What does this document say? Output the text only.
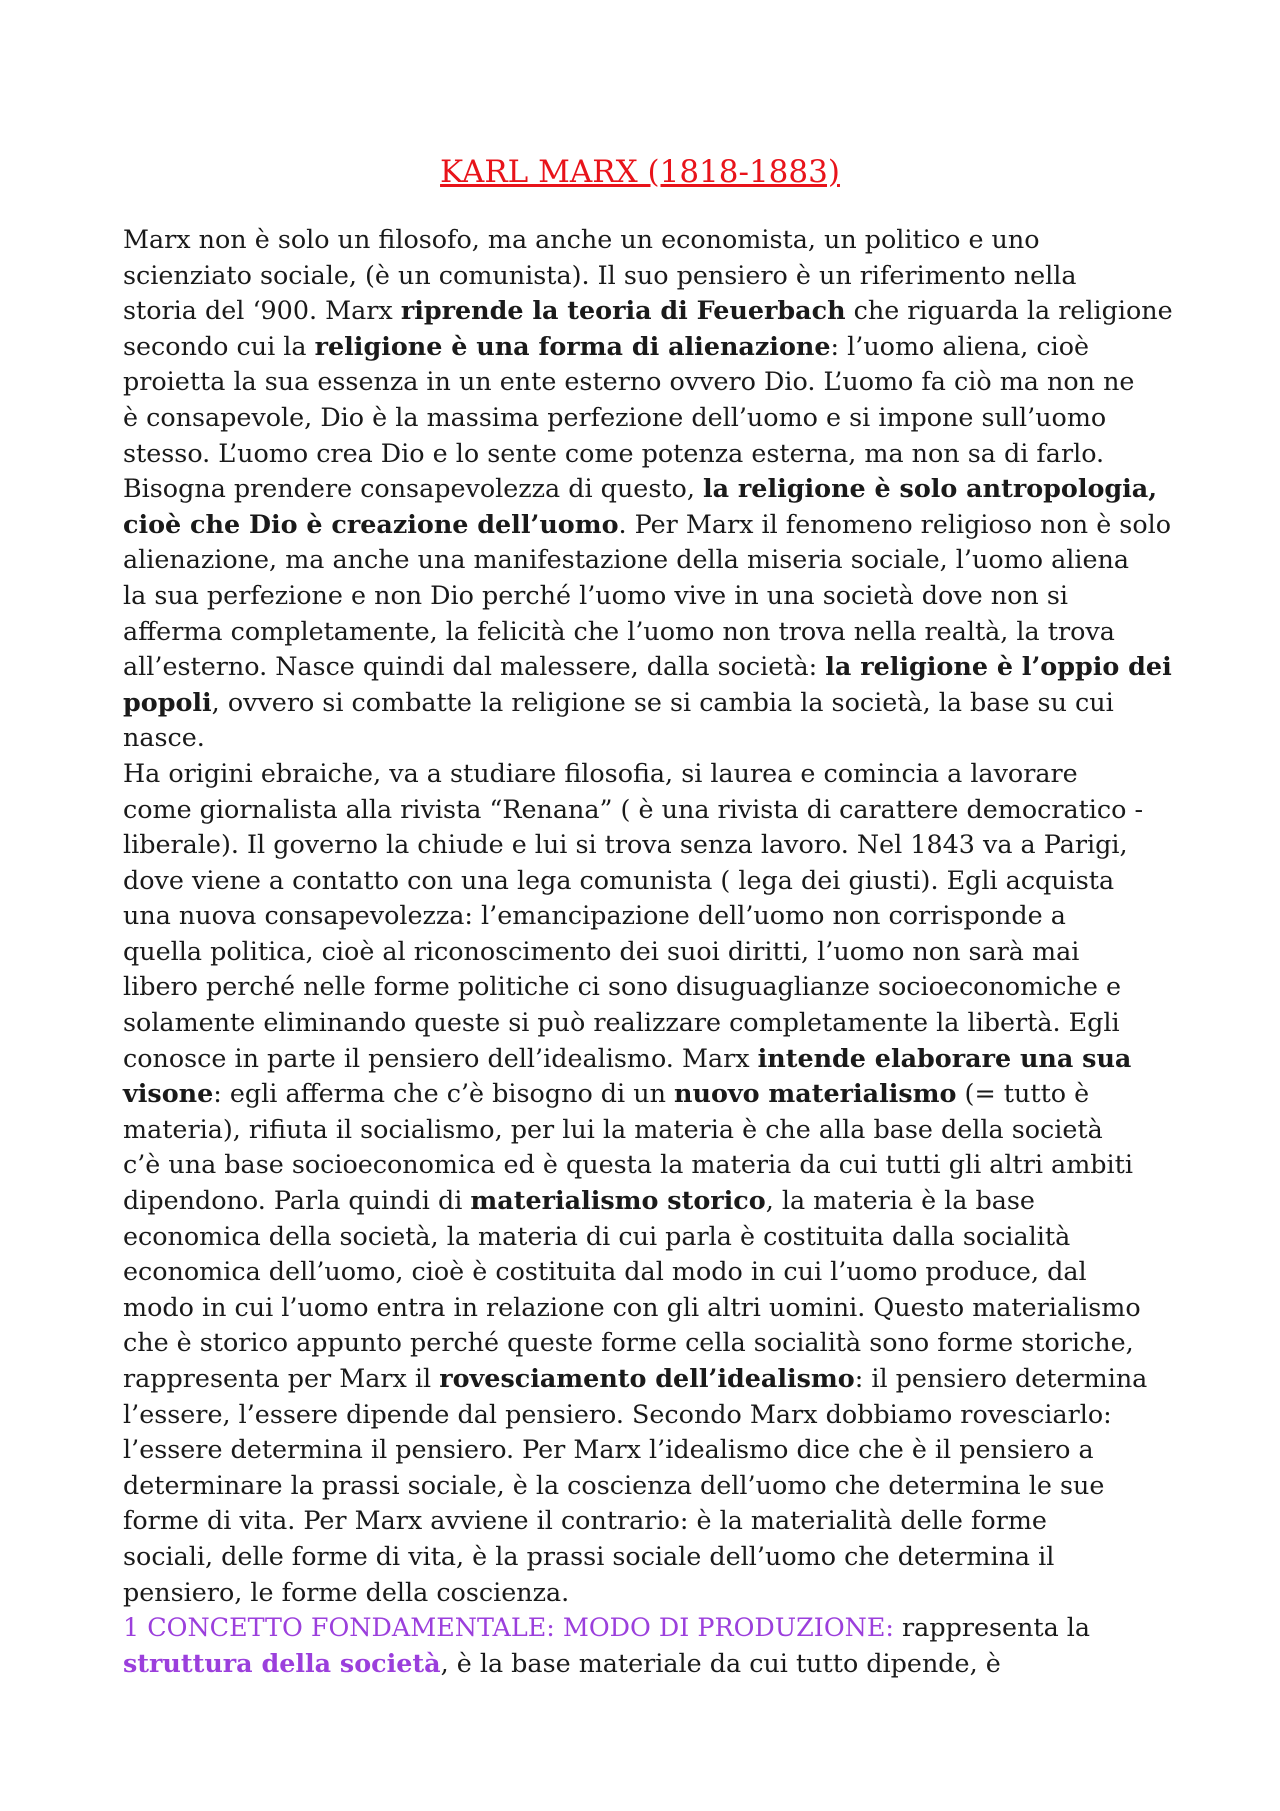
KARL MARX (1818-1883)
Marx non è solo un filosofo, ma anche un economista, un politico e uno
scienziato sociale, (è un comunista). Il suo pensiero è un riferimento nella
storia del ‘900. Marx riprende la teoria di Feuerbach che riguarda la religione
secondo cui la religione è una forma di alienazione: l’uomo aliena, cioè
proietta la sua essenza in un ente esterno ovvero Dio. L’uomo fa ciò ma non ne
è consapevole, Dio è la massima perfezione dell’uomo e si impone sull’uomo
stesso. L’uomo crea Dio e lo sente come potenza esterna, ma non sa di farlo.
Bisogna prendere consapevolezza di questo, la religione è solo antropologia,
cioè che Dio è creazione dell’uomo. Per Marx il fenomeno religioso non è solo
alienazione, ma anche una manifestazione della miseria sociale, l’uomo aliena
la sua perfezione e non Dio perché l’uomo vive in una società dove non si
afferma completamente, la felicità che l’uomo non trova nella realtà, la trova
all’esterno. Nasce quindi dal malessere, dalla società: la religione è l’oppio dei
popoli, ovvero si combatte la religione se si cambia la società, la base su cui
nasce.
Ha origini ebraiche, va a studiare filosofia, si laurea e comincia a lavorare
come giornalista alla rivista “Renana” ( è una rivista di carattere democratico -
liberale). Il governo la chiude e lui si trova senza lavoro. Nel 1843 va a Parigi,
dove viene a contatto con una lega comunista ( lega dei giusti). Egli acquista
una nuova consapevolezza: l’emancipazione dell’uomo non corrisponde a
quella politica, cioè al riconoscimento dei suoi diritti, l’uomo non sarà mai
libero perché nelle forme politiche ci sono disuguaglianze socioeconomiche e
solamente eliminando queste si può realizzare completamente la libertà. Egli
conosce in parte il pensiero dell’idealismo. Marx intende elaborare una sua
visone: egli afferma che c’è bisogno di un nuovo materialismo (= tutto è
materia), rifiuta il socialismo, per lui la materia è che alla base della società
c’è una base socioeconomica ed è questa la materia da cui tutti gli altri ambiti
dipendono. Parla quindi di materialismo storico, la materia è la base
economica della società, la materia di cui parla è costituita dalla socialità
economica dell’uomo, cioè è costituita dal modo in cui l’uomo produce, dal
modo in cui l’uomo entra in relazione con gli altri uomini. Questo materialismo
che è storico appunto perché queste forme cella socialità sono forme storiche,
rappresenta per Marx il rovesciamento dell’idealismo: il pensiero determina
l’essere, l’essere dipende dal pensiero. Secondo Marx dobbiamo rovesciarlo:
l’essere determina il pensiero. Per Marx l’idealismo dice che è il pensiero a
determinare la prassi sociale, è la coscienza dell’uomo che determina le sue
forme di vita. Per Marx avviene il contrario: è la materialità delle forme
sociali, delle forme di vita, è la prassi sociale dell’uomo che determina il
pensiero, le forme della coscienza.
1 CONCETTO FONDAMENTALE: MODO DI PRODUZIONE: rappresenta la
struttura della società, è la base materiale da cui tutto dipende, è
